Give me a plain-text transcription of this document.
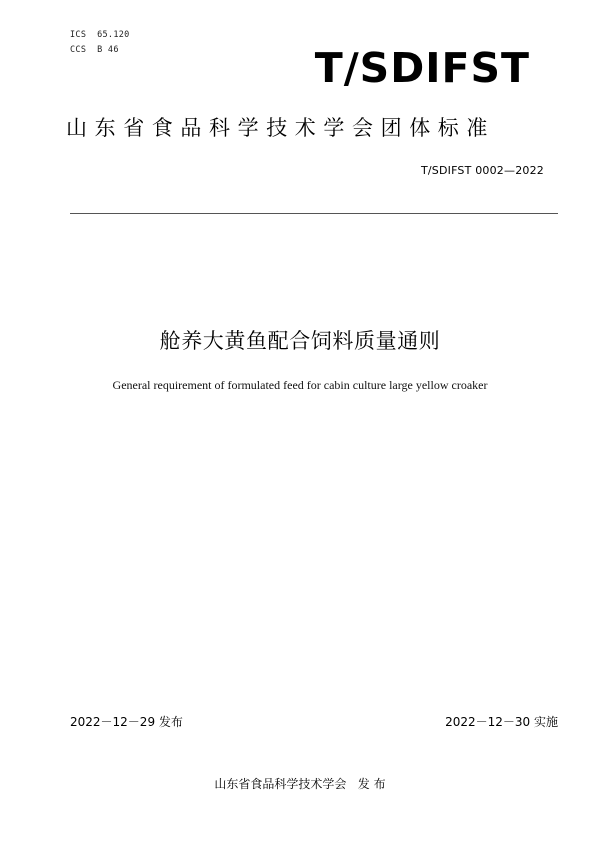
ICS  65.120
CCS  B 46	T/SDIFST
山东省食品科学技术学会团体标准
T/SDIFST 0002—2022
舱养大黄鱼配合饲料质量通则
General requirement of formulated feed for cabin culture large yellow croaker
2022－12－29 发布	2022－12－30 实施
山东省食品科学技术学会   发 布
